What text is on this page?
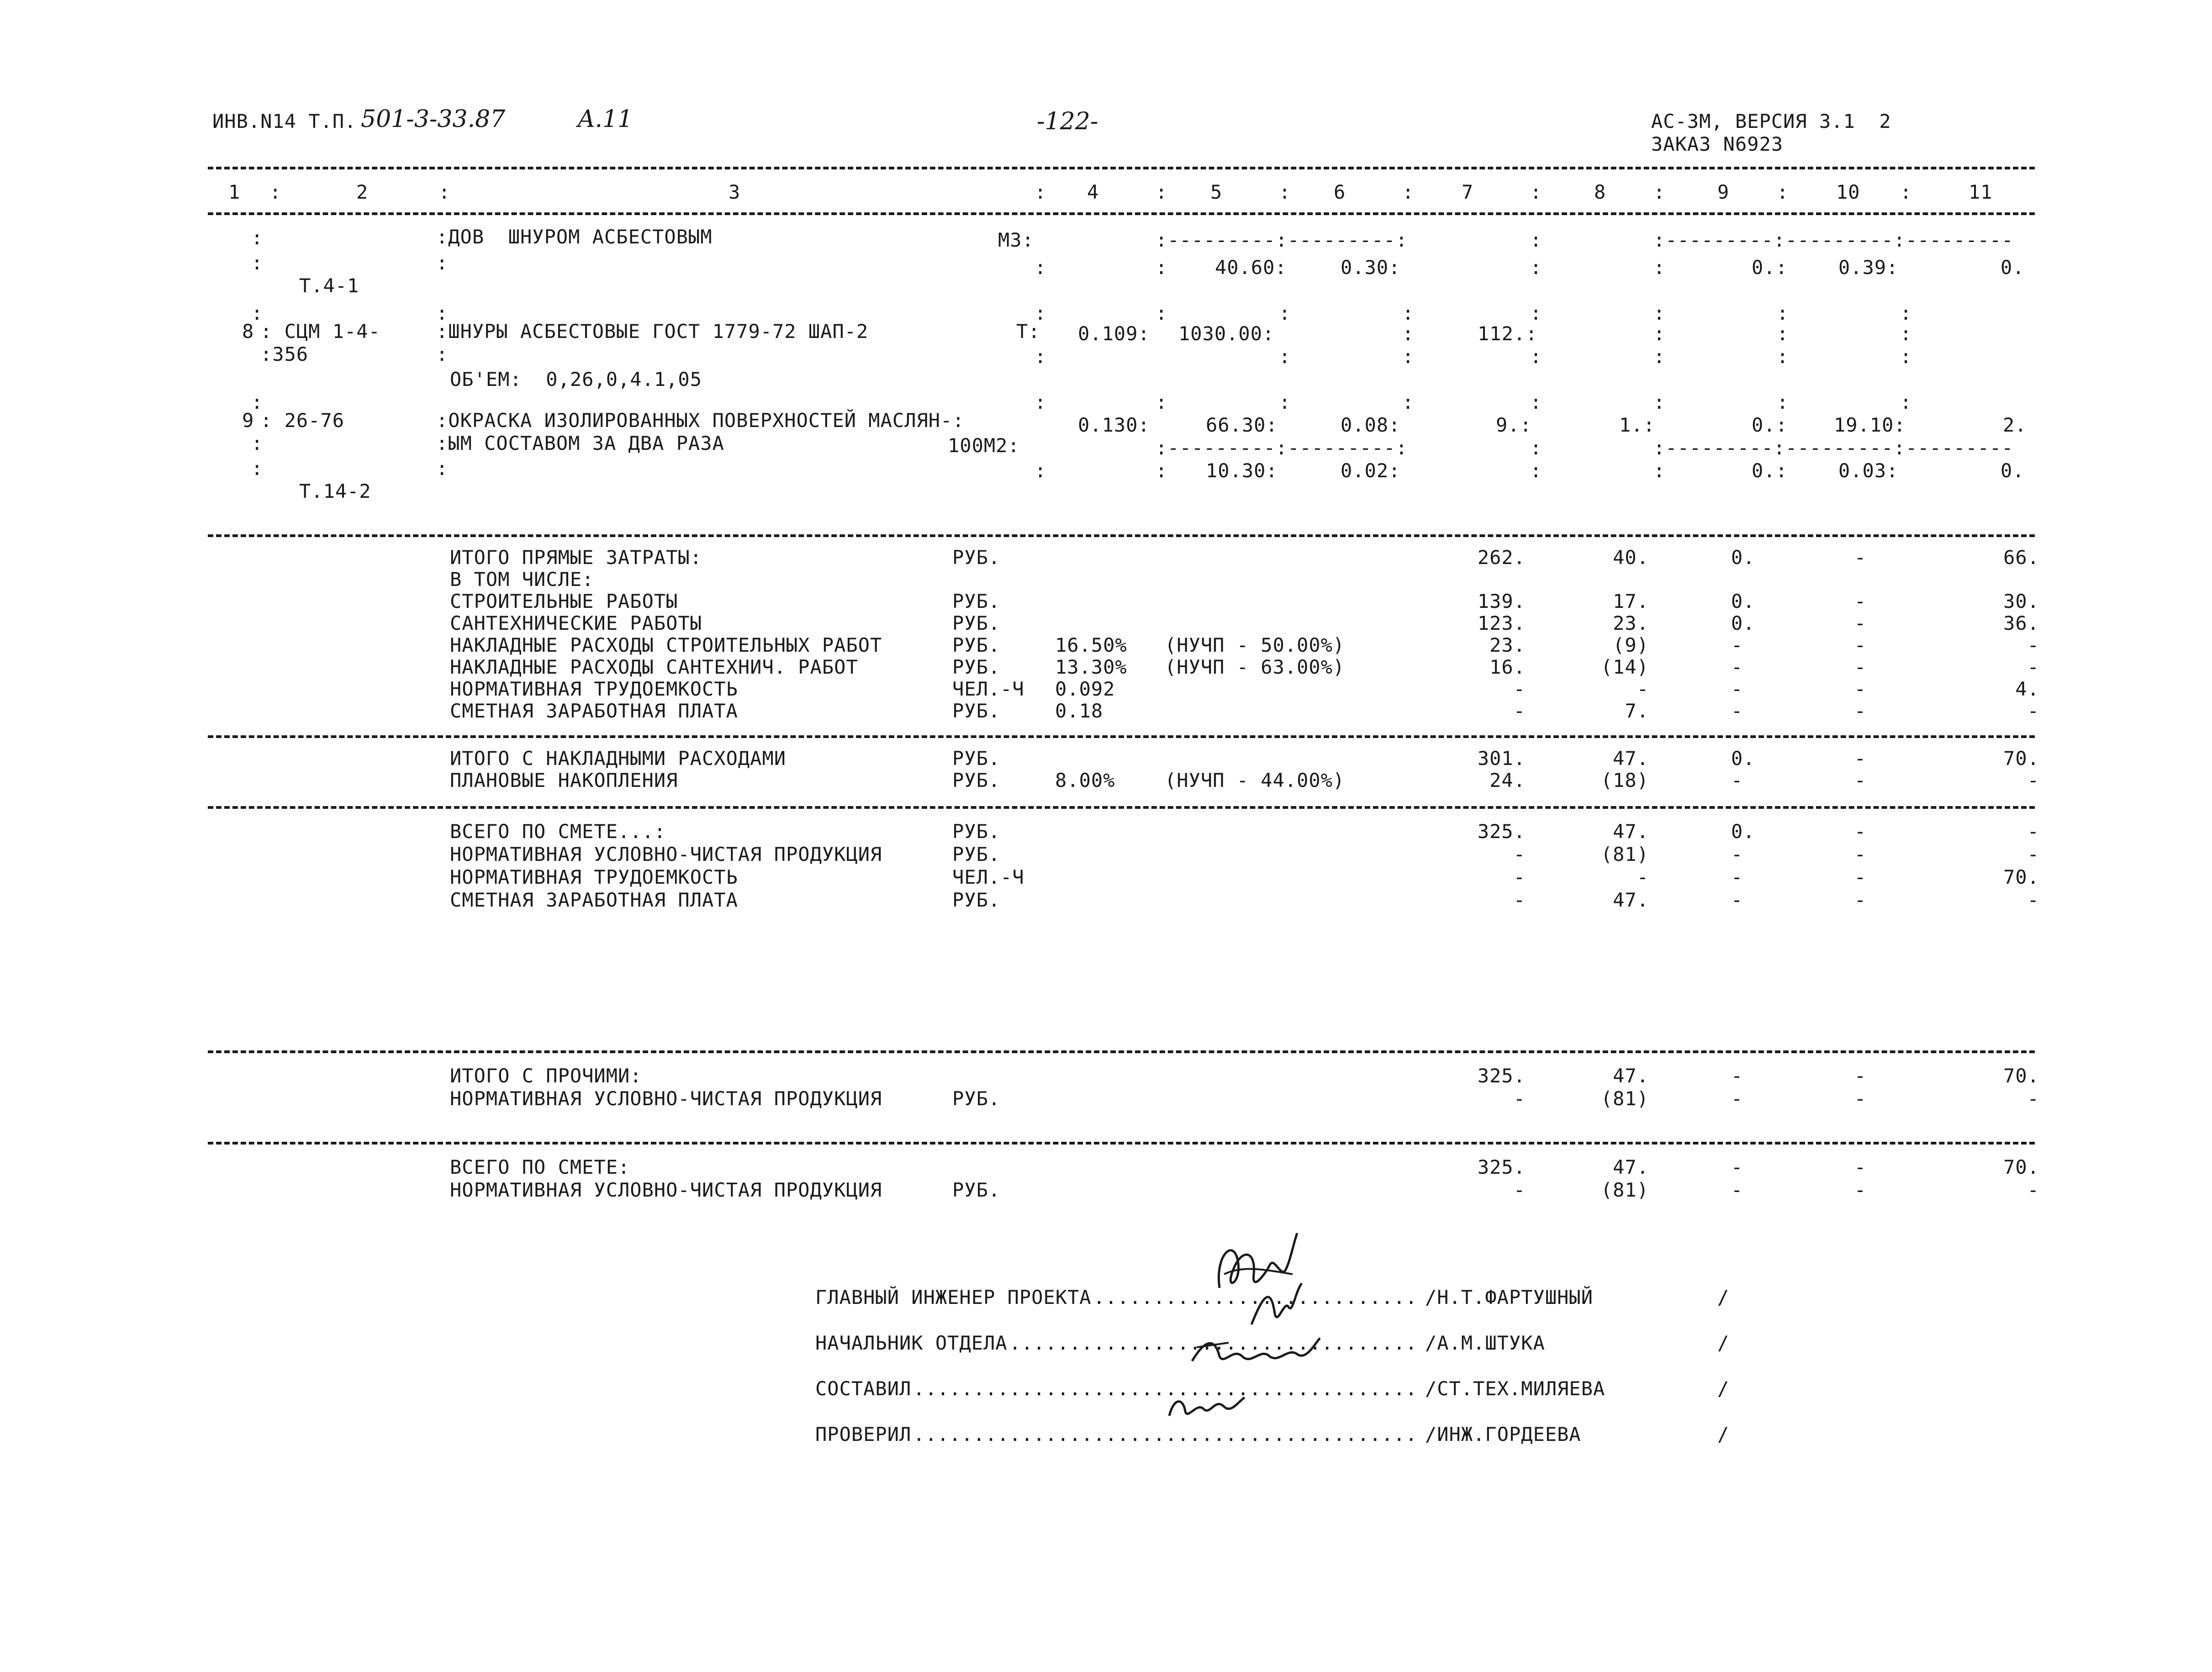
ИНВ.N14 Т.П. 501-3-33.87	A.11	-122-	АС-3М, ВЕРСИЯ 3.1  2
ЗАКАЗ N6923
1	2	3	4	5	6	7	8	9	10	11
:	:	:	:	:	:	:	:	:	:
:	:ДОВ  ШНУРОМ АСБЕСТОВЫМ	М3:	:---------:---------:	:	:---------:---------:---------
:	:	:	: 40.60:	0.30:	:	:	0.:	0.39:	0.
Т.4-1
:	:	:	:	:	:	:	:	:	:
8 : СЦМ 1-4-	:ШНУРЫ АСБЕСТОВЫЕ ГОСТ 1779-72 ШАП-2	Т: 0.109: 1030.00:	:	112.:	:	:	:
:356	:	:	:	:	:	:	:	:
ОБ'ЕМ:  0,26,0,4.1,05
:	:	:	:	:	:	:	:	:
9 : 26-76	:ОКРАСКА ИЗОЛИРОВАННЫХ ПОВЕРХНОСТЕЙ МАСЛЯН-:	0.130:	66.30:	0.08:	9.:	1.:	0.: 19.10:	2.
:	:ЫМ СОСТАВОМ ЗА ДВА РАЗА	100М2:	:---------:---------:	:	:---------:---------:---------
:	:	:	: 10.30:	0.02:	:	:	0.:	0.03:	0.
Т.14-2
ИТОГО ПРЯМЫЕ ЗАТРАТЫ:	РУБ.	262.	40.	0.	-	66.
В ТОМ ЧИСЛЕ:
СТРОИТЕЛЬНЫЕ РАБОТЫ	РУБ.	139.	17.	0.	-	30.
САНТЕХНИЧЕСКИЕ РАБОТЫ	РУБ.	123.	23.	0.	-	36.
НАКЛАДНЫЕ РАСХОДЫ СТРОИТЕЛЬНЫХ РАБОТ	РУБ.	16.50% (НУЧП - 50.00%)	23.	(9)	-	-	-
НАКЛАДНЫЕ РАСХОДЫ САНТЕХНИЧ. РАБОТ	РУБ.	13.30% (НУЧП - 63.00%)	16.	(14)	-	-	-
НОРМАТИВНАЯ ТРУДОЕМКОСТЬ	ЧЕЛ.-Ч 0.092	-	-	-	-	4.
СМЕТНАЯ ЗАРАБОТНАЯ ПЛАТА	РУБ.	0.18	-	7.	-	-	-
ИТОГО С НАКЛАДНЫМИ РАСХОДАМИ	РУБ.	301.	47.	0.	-	70.
ПЛАНОВЫЕ НАКОПЛЕНИЯ	РУБ.	8.00%	(НУЧП - 44.00%)	24.	(18)	-	-	-
ВСЕГО ПО СМЕТЕ...:	РУБ.	325.	47.	0.	-	-
НОРМАТИВНАЯ УСЛОВНО-ЧИСТАЯ ПРОДУКЦИЯ	РУБ.	-	(81)	-	-	-
НОРМАТИВНАЯ ТРУДОЕМКОСТЬ	ЧЕЛ.-Ч	-	-	-	-	70.
СМЕТНАЯ ЗАРАБОТНАЯ ПЛАТА	РУБ.	-	47.	-	-	-
ИТОГО С ПРОЧИМИ:	325.	47.	-	-	70.
НОРМАТИВНАЯ УСЛОВНО-ЧИСТАЯ ПРОДУКЦИЯ	РУБ.	-	(81)	-	-	-
ВСЕГО ПО СМЕТЕ:	325.	47.	-	-	70.
НОРМАТИВНАЯ УСЛОВНО-ЧИСТАЯ ПРОДУКЦИЯ	РУБ.	-	(81)	-	-	-
ГЛАВНЫЙ ИНЖЕНЕР ПРОЕКТА ........................... /Н.Т.ФАРТУШНЫЙ	/
НАЧАЛЬНИК ОТДЕЛА .................................. /А.М.ШТУКА	/
СОСТАВИЛ .......................................... /СТ.ТЕХ.МИЛЯЕВА	/
ПРОВЕРИЛ .......................................... /ИНЖ.ГОРДЕЕВА	/
